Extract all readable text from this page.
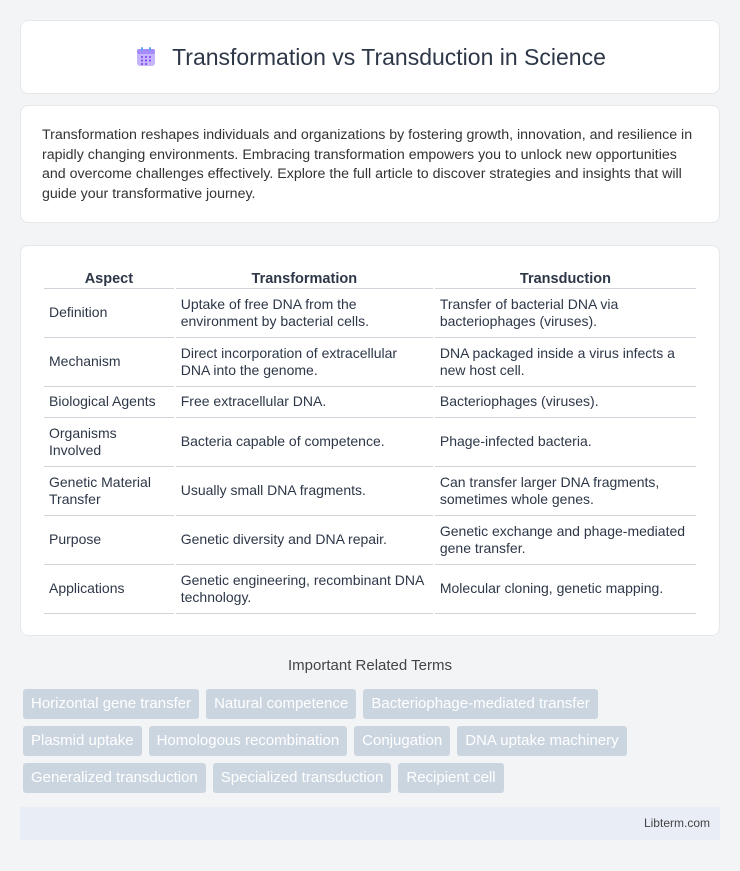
Transformation vs Transduction in Science

Transformation reshapes individuals and organizations by fostering growth, innovation, and resilience in rapidly changing environments. Embracing transformation empowers you to unlock new opportunities and overcome challenges effectively. Explore the full article to discover strategies and insights that will guide your transformative journey.

Aspect	Transformation	Transduction
Definition	Uptake of free DNA from the environment by bacterial cells.	Transfer of bacterial DNA via bacteriophages (viruses).
Mechanism	Direct incorporation of extracellular DNA into the genome.	DNA packaged inside a virus infects a new host cell.
Biological Agents	Free extracellular DNA.	Bacteriophages (viruses).
Organisms Involved	Bacteria capable of competence.	Phage-infected bacteria.
Genetic Material Transfer	Usually small DNA fragments.	Can transfer larger DNA fragments, sometimes whole genes.
Purpose	Genetic diversity and DNA repair.	Genetic exchange and phage-mediated gene transfer.
Applications	Genetic engineering, recombinant DNA technology.	Molecular cloning, genetic mapping.
Important Related Terms
Horizontal gene transfer	Natural competence	Bacteriophage-mediated transfer
Plasmid uptake	Homologous recombination	Conjugation	DNA uptake machinery
Generalized transduction	Specialized transduction	Recipient cell
Libterm.com
